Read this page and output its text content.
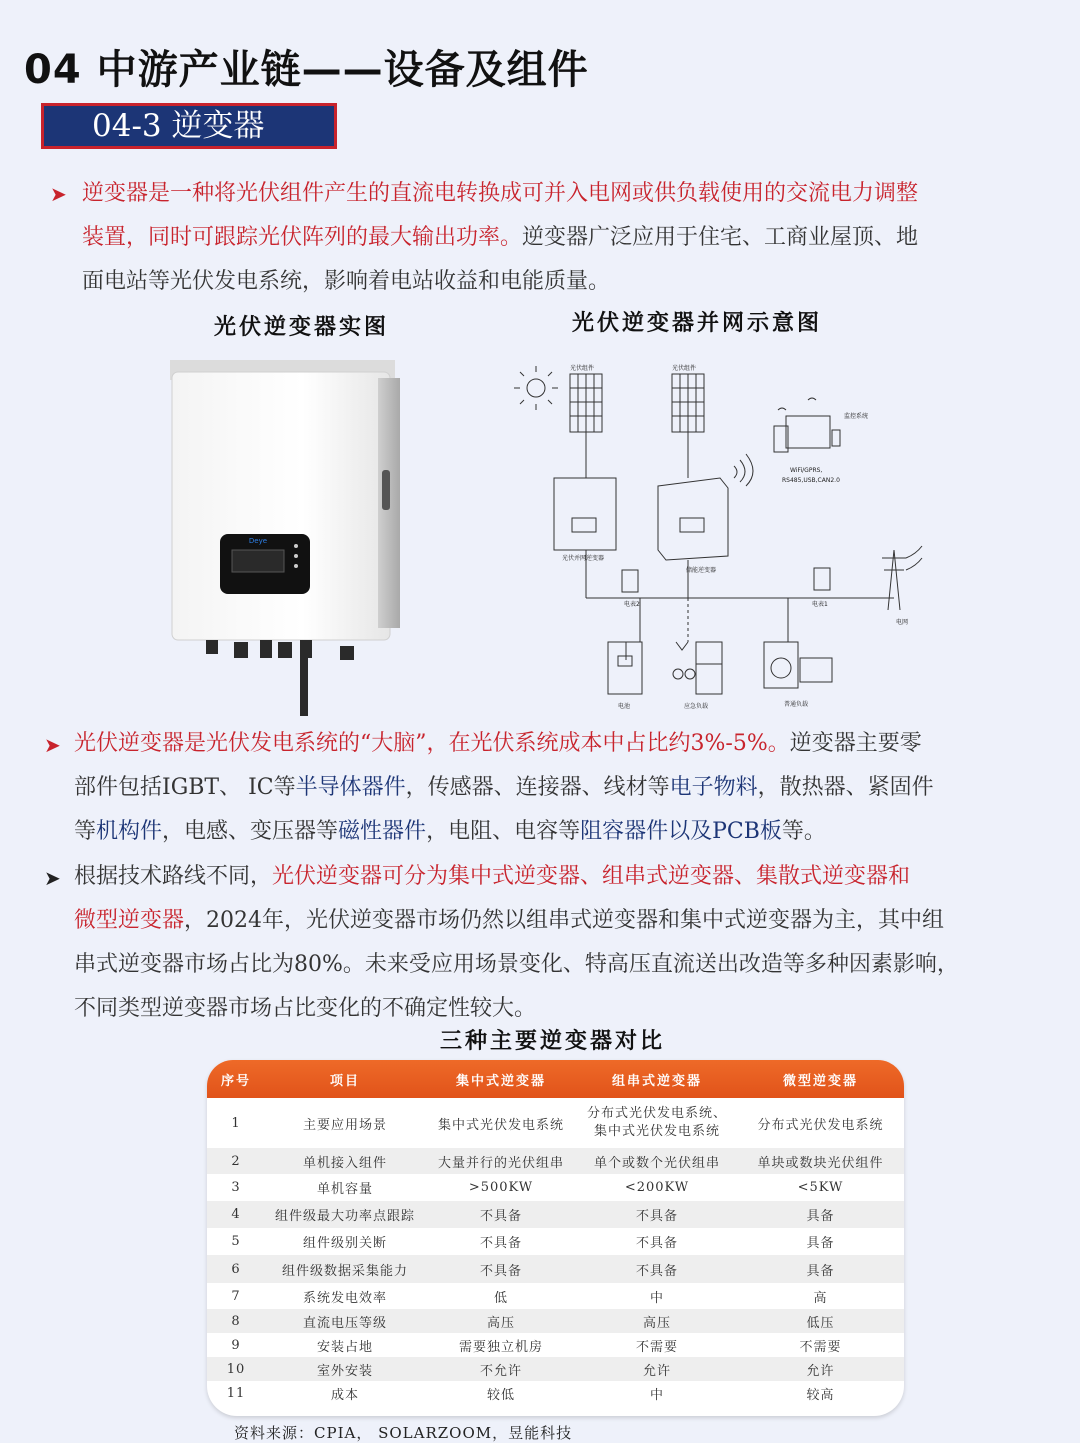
04 中游产业链——设备及组件
04-3 逆变器
➤ 逆变器是一种将光伏组件产生的直流电转换成可并入电网或供负载使用的交流电力调整

装置，同时可跟踪光伏阵列的最大输出功率。逆变器广泛应用于住宅、工商业屋顶、地

面电站等光伏发电系统，影响着电站收益和电能质量。

光伏逆变器实图	光伏逆变器并网示意图
Deye
光伏组件	光伏组件
监控系统
WiFi/GPRS,
RS485,USB,CAN2.0
光伏并网逆变器
储能逆变器
电表2	电表1
电网
电池	应急负载	普通负载
➤ 光伏逆变器是光伏发电系统的“大脑”，在光伏系统成本中占比约3%-5%。逆变器主要零

部件包括IGBT、 IC等半导体器件，传感器、连接器、线材等电子物料，散热器、紧固件

等机构件，电感、变压器等磁性器件，电阻、电容等阻容器件以及PCB板等。

➤ 根据技术路线不同，光伏逆变器可分为集中式逆变器、组串式逆变器、集散式逆变器和

微型逆变器，2024年，光伏逆变器市场仍然以组串式逆变器和集中式逆变器为主，其中组

串式逆变器市场占比为80%。未来受应用场景变化、特高压直流送出改造等多种因素影响，

不同类型逆变器市场占比变化的不确定性较大。

三种主要逆变器对比
序号	项目	集中式逆变器	组串式逆变器	微型逆变器
1	主要应用场景	集中式光伏发电系统	分布式光伏发电系统、集中式光伏发电系统	分布式光伏发电系统
2	单机接入组件	大量并行的光伏组串	单个或数个光伏组串	单块或数块光伏组件
3	单机容量	>500KW	<200KW	<5KW
4	组件级最大功率点跟踪	不具备	不具备	具备
5	组件级别关断	不具备	不具备	具备
6	组件级数据采集能力	不具备	不具备	具备
7	系统发电效率	低	中	高
8	直流电压等级	高压	高压	低压
9	安装占地	需要独立机房	不需要	不需要
10	室外安装	不允许	允许	允许
11	成本	较低	中	较高
资料来源：CPIA， SOLARZOOM，昱能科技
